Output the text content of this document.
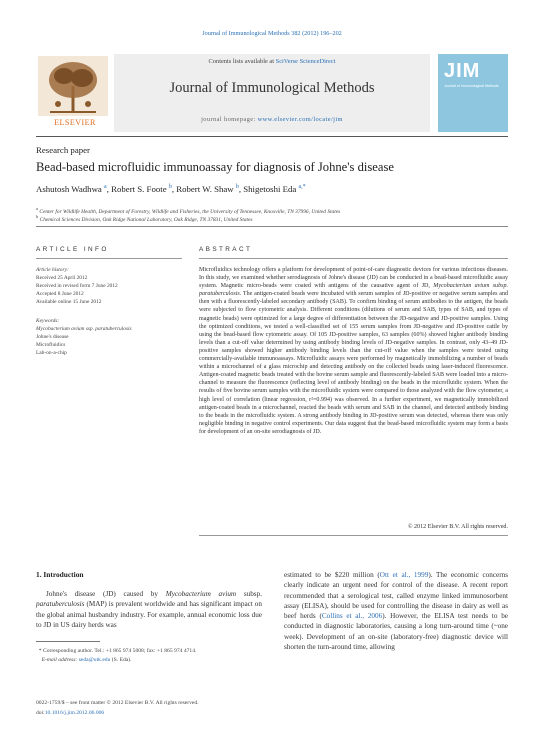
Journal of Immunological Methods 382 (2012) 196–202
ELSEVIER
Contents lists available at SciVerse ScienceDirect
Journal of Immunological Methods
journal homepage: www.elsevier.com/locate/jim
JIM
Journal of Immunological Methods
Research paper
Bead-based microfluidic immunoassay for diagnosis of Johne's disease
Ashutosh Wadhwa $^a$, Robert S. Foote $^b$, Robert W. Shaw $^b$, Shigetoshi Eda $^{a,*}$
$^a$ Center for Wildlife Health, Department of Forestry, Wildlife and Fisheries, the University of Tennessee, Knoxville, TN 37996, United States
$^b$ Chemical Sciences Division, Oak Ridge National Laboratory, Oak Ridge, TN 37831, United States
ARTICLE INFO
Article history:
Received 25 April 2012
Received in revised form 7 June 2012
Accepted 8 June 2012
Available online 15 June 2012
Keywords:
Mycobacterium avium ssp. paratuberculosis
Johne's disease
Microfluidics
Lab-on-a-chip
ABSTRACT
Microfluidics technology offers a platform for development of point-of-care diagnostic devices for various infectious diseases. In this study, we examined whether serodiagnosis of Johne's disease (JD) can be conducted in a bead-based microfluidic assay system. Magnetic micro-beads were coated with antigens of the causative agent of JD, Mycobacterium avium subsp. paratuberculosis. The antigen-coated beads were incubated with serum samples of JD-positive or negative serum samples and then with a fluorescently-labeled secondary antibody (SAB). To confirm binding of serum antibodies to the antigen, the beads were subjected to flow cytometric analysis. Different conditions (dilutions of serum and SAB, types of SAB, and types of magnetic beads) were optimized for a large degree of differentiation between the JD-negative and JD-positive samples. Using the optimized conditions, we tested a well-classified set of 155 serum samples from JD-negative and JD-positive cattle by using the bead-based flow cytometric assay. Of 105 JD-positive samples, 63 samples (60%) showed higher antibody binding levels than a cut-off value determined by using antibody binding levels of JD-negative samples. In contrast, only 43–49 JD-positive samples showed higher antibody binding levels than the cut-off value when the samples were tested using commercially-available immunoassays. Microfluidic assays were performed by magnetically immobilizing a number of beads within a microchannel of a glass microchip and detecting antibody on the collected beads using laser-induced fluorescence. Antigen-coated magnetic beads treated with the bovine serum sample and fluorescently-labeled SAB were loaded into a micro-channel to measure the fluorescence (reflecting level of antibody binding) on the beads in the microfluidic system. When the results of five bovine serum samples with the microfluidic system were compared to those analyzed with the flow cytometer, a high level of correlation (linear regression, r²=0.994) was observed. In a further experiment, we magnetically immobilized antigen-coated beads in a microchannel, reacted the beads with serum and SAB in the channel, and detected antibody binding to the beads in the microfluidic system. A strong antibody binding in JD-positive serum was detected, whereas there was only negligible binding in negative control experiments. Our data suggest that the bead-based microfluidic system may form a basis for development of an on-site serodiagnosis of JD.
© 2012 Elsevier B.V. All rights reserved.
1. Introduction
Johne's disease (JD) caused by Mycobacterium avium subsp. paratuberculosis (MAP) is prevalent worldwide and has significant impact on the global animal husbandry industry. For example, annual economic loss due to JD in US dairy herds was
estimated to be $220 million (Ott et al., 1999). The economic concerns clearly indicate an urgent need for control of the disease. A recent report recommended that a serological test, called enzyme linked immunosorbent assay (ELISA), should be used for controlling the disease in dairy as well as beef herds (Collins et al., 2006). However, the ELISA test needs to be conducted in diagnostic laboratories, causing a long turn-around time (~one week). Development of an on-site (laboratory-free) diagnostic device will shorten the turn-around time, allowing
* Corresponding author. Tel.: +1 865 974 5008; fax: +1 865 974 4714.
E-mail address: seda@utk.edu (S. Eda).
0022-1759/$ – see front matter © 2012 Elsevier B.V. All rights reserved.
doi:10.1016/j.jim.2012.06.006
